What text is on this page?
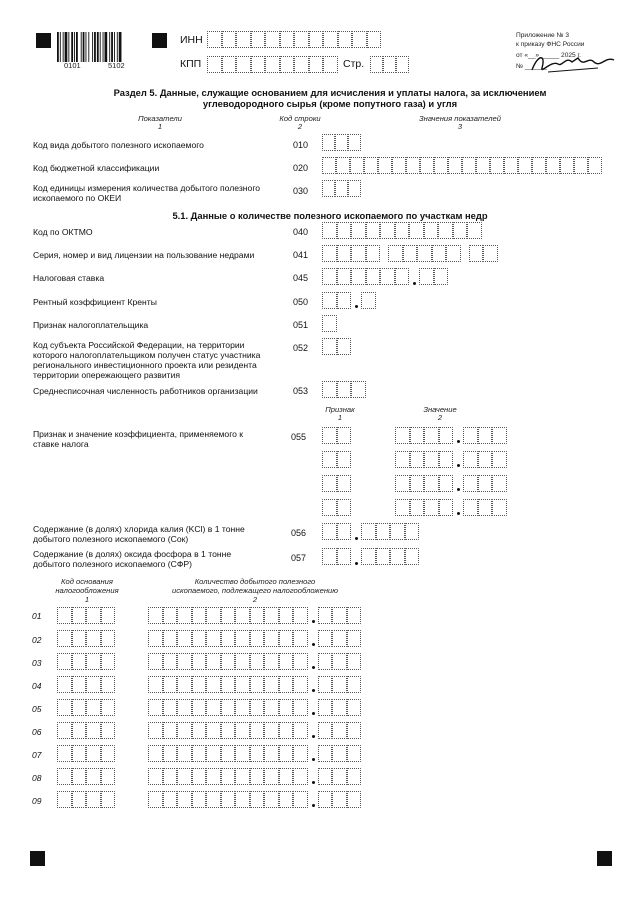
0101	5102
ИНН
КПП	Стр.
Приложение № 3
к приказу ФНС России
от «__» _____ 2025 г.
№ ______
Раздел 5. Данные, служащие основанием для исчисления и уплаты налога, за исключением
углеводородного сырья (кроме попутного газа) и угля
Показатели
1
Код строки
2
Значения показателей
3
Код вида добытого полезного ископаемого	010
Код бюджетной классификации	020
Код единицы измерения количества добытого полезного
ископаемого по ОКЕИ
030
5.1. Данные о количестве полезного ископаемого по участкам недр
Код по ОКТМО	040
Серия, номер и вид лицензии на пользование недрами	041
Налоговая ставка	045
Рентный коэффициент Кренты	050
Признак налогоплательщика	051
Код субъекта Российской Федерации, на территории
которого налогоплательщиком получен статус участника
регионального инвестиционного проекта или резидента
территории опережающего развития
052
Среднесписочная численность работников организации	053
Признак
1
Значение
2
Признак и значение коэффициента, применяемого к
ставке налога
055
Содержание (в долях) хлорида калия (KCl) в 1 тонне
добытого полезного ископаемого (Cок)
056
Содержание (в долях) оксида фосфора в 1 тонне
добытого полезного ископаемого (СФР)
057
Код основания
налогообложения
1
Количество добытого полезного
ископаемого, подлежащего налогообложению
2
01
02
03
04
05
06
07
08
09
